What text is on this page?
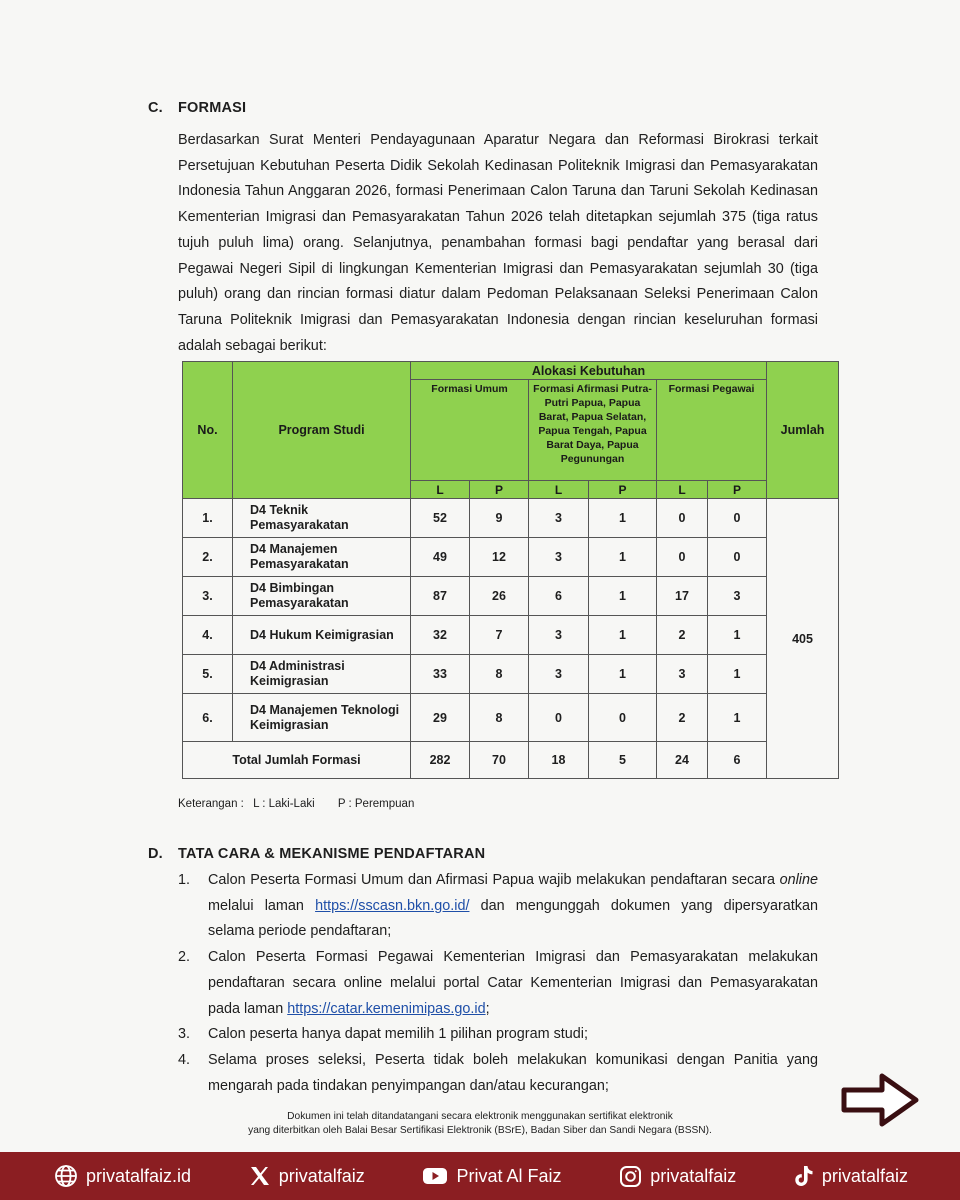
C. FORMASI

Berdasarkan Surat Menteri Pendayagunaan Aparatur Negara dan Reformasi Birokrasi terkait Persetujuan Kebutuhan Peserta Didik Sekolah Kedinasan Politeknik Imigrasi dan Pemasyarakatan Indonesia Tahun Anggaran 2026, formasi Penerimaan Calon Taruna dan Taruni Sekolah Kedinasan Kementerian Imigrasi dan Pemasyarakatan Tahun 2026 telah ditetapkan sejumlah 375 (tiga ratus tujuh puluh lima) orang. Selanjutnya, penambahan formasi bagi pendaftar yang berasal dari Pegawai Negeri Sipil di lingkungan Kementerian Imigrasi dan Pemasyarakatan sejumlah 30 (tiga puluh) orang dan rincian formasi diatur dalam Pedoman Pelaksanaan Seleksi Penerimaan Calon Taruna Politeknik Imigrasi dan Pemasyarakatan Indonesia dengan rincian keseluruhan formasi adalah sebagai berikut:

No.	Program Studi	Alokasi Kebutuhan						Jumlah
		Formasi Umum		Formasi Afirmasi Putra-Putri Papua, Papua Barat, Papua Selatan, Papua Tengah, Papua Barat Daya, Papua Pegunungan		Formasi Pegawai		
		L	P	L	P	L	P	
1.	D4 Teknik Pemasyarakatan	52	9	3	1	0	0	405
2.	D4 Manajemen Pemasyarakatan	49	12	3	1	0	0	
3.	D4 Bimbingan Pemasyarakatan	87	26	6	1	17	3	
4.	D4 Hukum Keimigrasian	32	7	3	1	2	1	
5.	D4 Administrasi Keimigrasian	33	8	3	1	3	1	
6.	D4 Manajemen Teknologi Keimigrasian	29	8	0	0	2	1	
Total Jumlah Formasi		282	70	18	5	24	6	
Keterangan : L : Laki-Laki P : Perempuan
D. TATA CARA & MEKANISME PENDAFTARAN
1. Calon Peserta Formasi Umum dan Afirmasi Papua wajib melakukan pendaftaran secara online melalui laman https://sscasn.bkn.go.id/ dan mengunggah dokumen yang dipersyaratkan selama periode pendaftaran;
2. Calon Peserta Formasi Pegawai Kementerian Imigrasi dan Pemasyarakatan melakukan pendaftaran secara online melalui portal Catar Kementerian Imigrasi dan Pemasyarakatan pada laman https://catar.kemenimipas.go.id;
3. Calon peserta hanya dapat memilih 1 pilihan program studi;
4. Selama proses seleksi, Peserta tidak boleh melakukan komunikasi dengan Panitia yang mengarah pada tindakan penyimpangan dan/atau kecurangan;
Dokumen ini telah ditandatangani secara elektronik menggunakan sertifikat elektronik
yang diterbitkan oleh Balai Besar Sertifikasi Elektronik (BSrE), Badan Siber dan Sandi Negara (BSSN).
privatalfaiz.id	privatalfaiz	Privat Al Faiz	privatalfaiz	privatalfaiz
